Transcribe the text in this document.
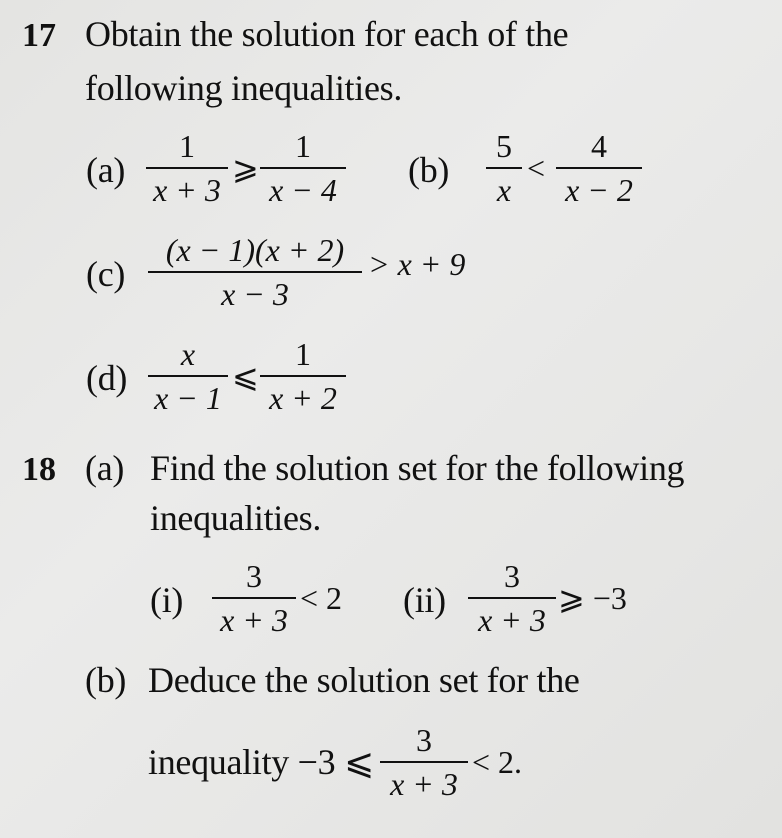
17 Obtain the solution for each of the
following inequalities.
$(a) \frac{1}{x + 3}$ ⩾ $\frac{1}{x - 4} (b) \frac{5}{x} < \frac{4}{x - 2}$
$(c) \frac{(x - 1)(x + 2)}{x - 3} > x + 9$
$(d) \frac{x}{x - 1}$ ⩽ $\frac{1}{x + 2}$
18 (a) Find the solution set for the following
inequalities.
$(i) \frac{3}{x + 3} < 2$ $(ii) \frac{3}{x + 3}$ ⩾ −3
(b) Deduce the solution set for the
inequality −3 ⩽ $\frac{3}{x + 3} < 2$.
